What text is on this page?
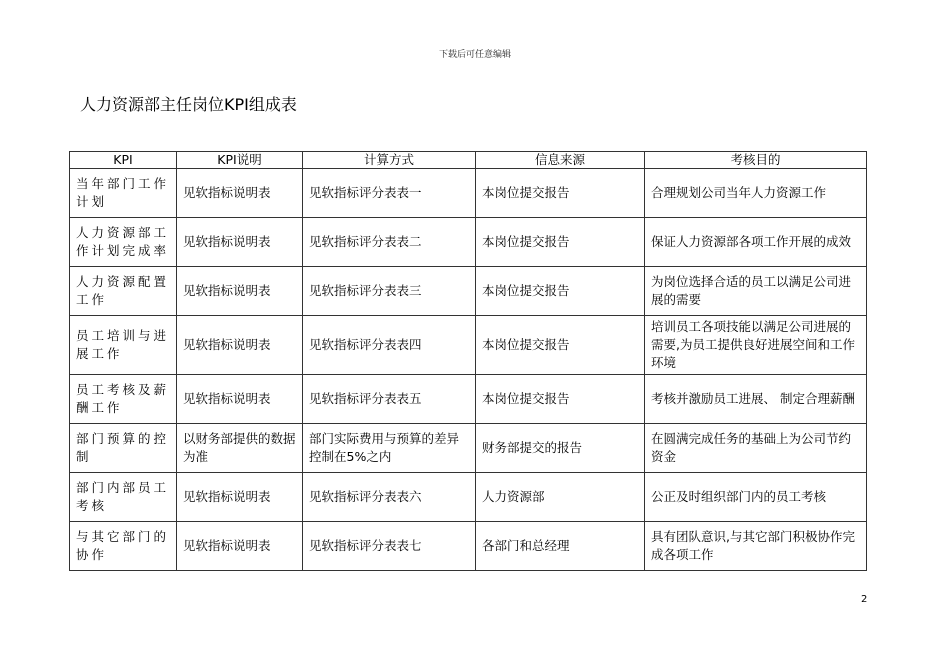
下载后可任意编辑
人力资源部主任岗位KPI组成表
KPI	KPI说明	计算方式	信息来源	考核目的
当年部门工作计划	见软指标说明表	见软指标评分表表一	本岗位提交报告	合理规划公司当年人力资源工作
人力资源部工作计划完成率	见软指标说明表	见软指标评分表表二	本岗位提交报告	保证人力资源部各项工作开展的成效
人力资源配置工作	见软指标说明表	见软指标评分表表三	本岗位提交报告	为岗位选择合适的员工以满足公司进展的需要
员工培训与进展工作	见软指标说明表	见软指标评分表表四	本岗位提交报告	培训员工各项技能以满足公司进展的需要,为员工提供良好进展空间和工作环境
员工考核及薪酬工作	见软指标说明表	见软指标评分表表五	本岗位提交报告	考核并激励员工进展、 制定合理薪酬
部门预算的控制	以财务部提供的数据为准	部门实际费用与预算的差异控制在5%之内	财务部提交的报告	在圆满完成任务的基础上为公司节约资金
部门内部员工考核	见软指标说明表	见软指标评分表表六	人力资源部	公正及时组织部门内的员工考核
与其它部门的协作	见软指标说明表	见软指标评分表表七	各部门和总经理	具有团队意识,与其它部门积极协作完成各项工作
2
